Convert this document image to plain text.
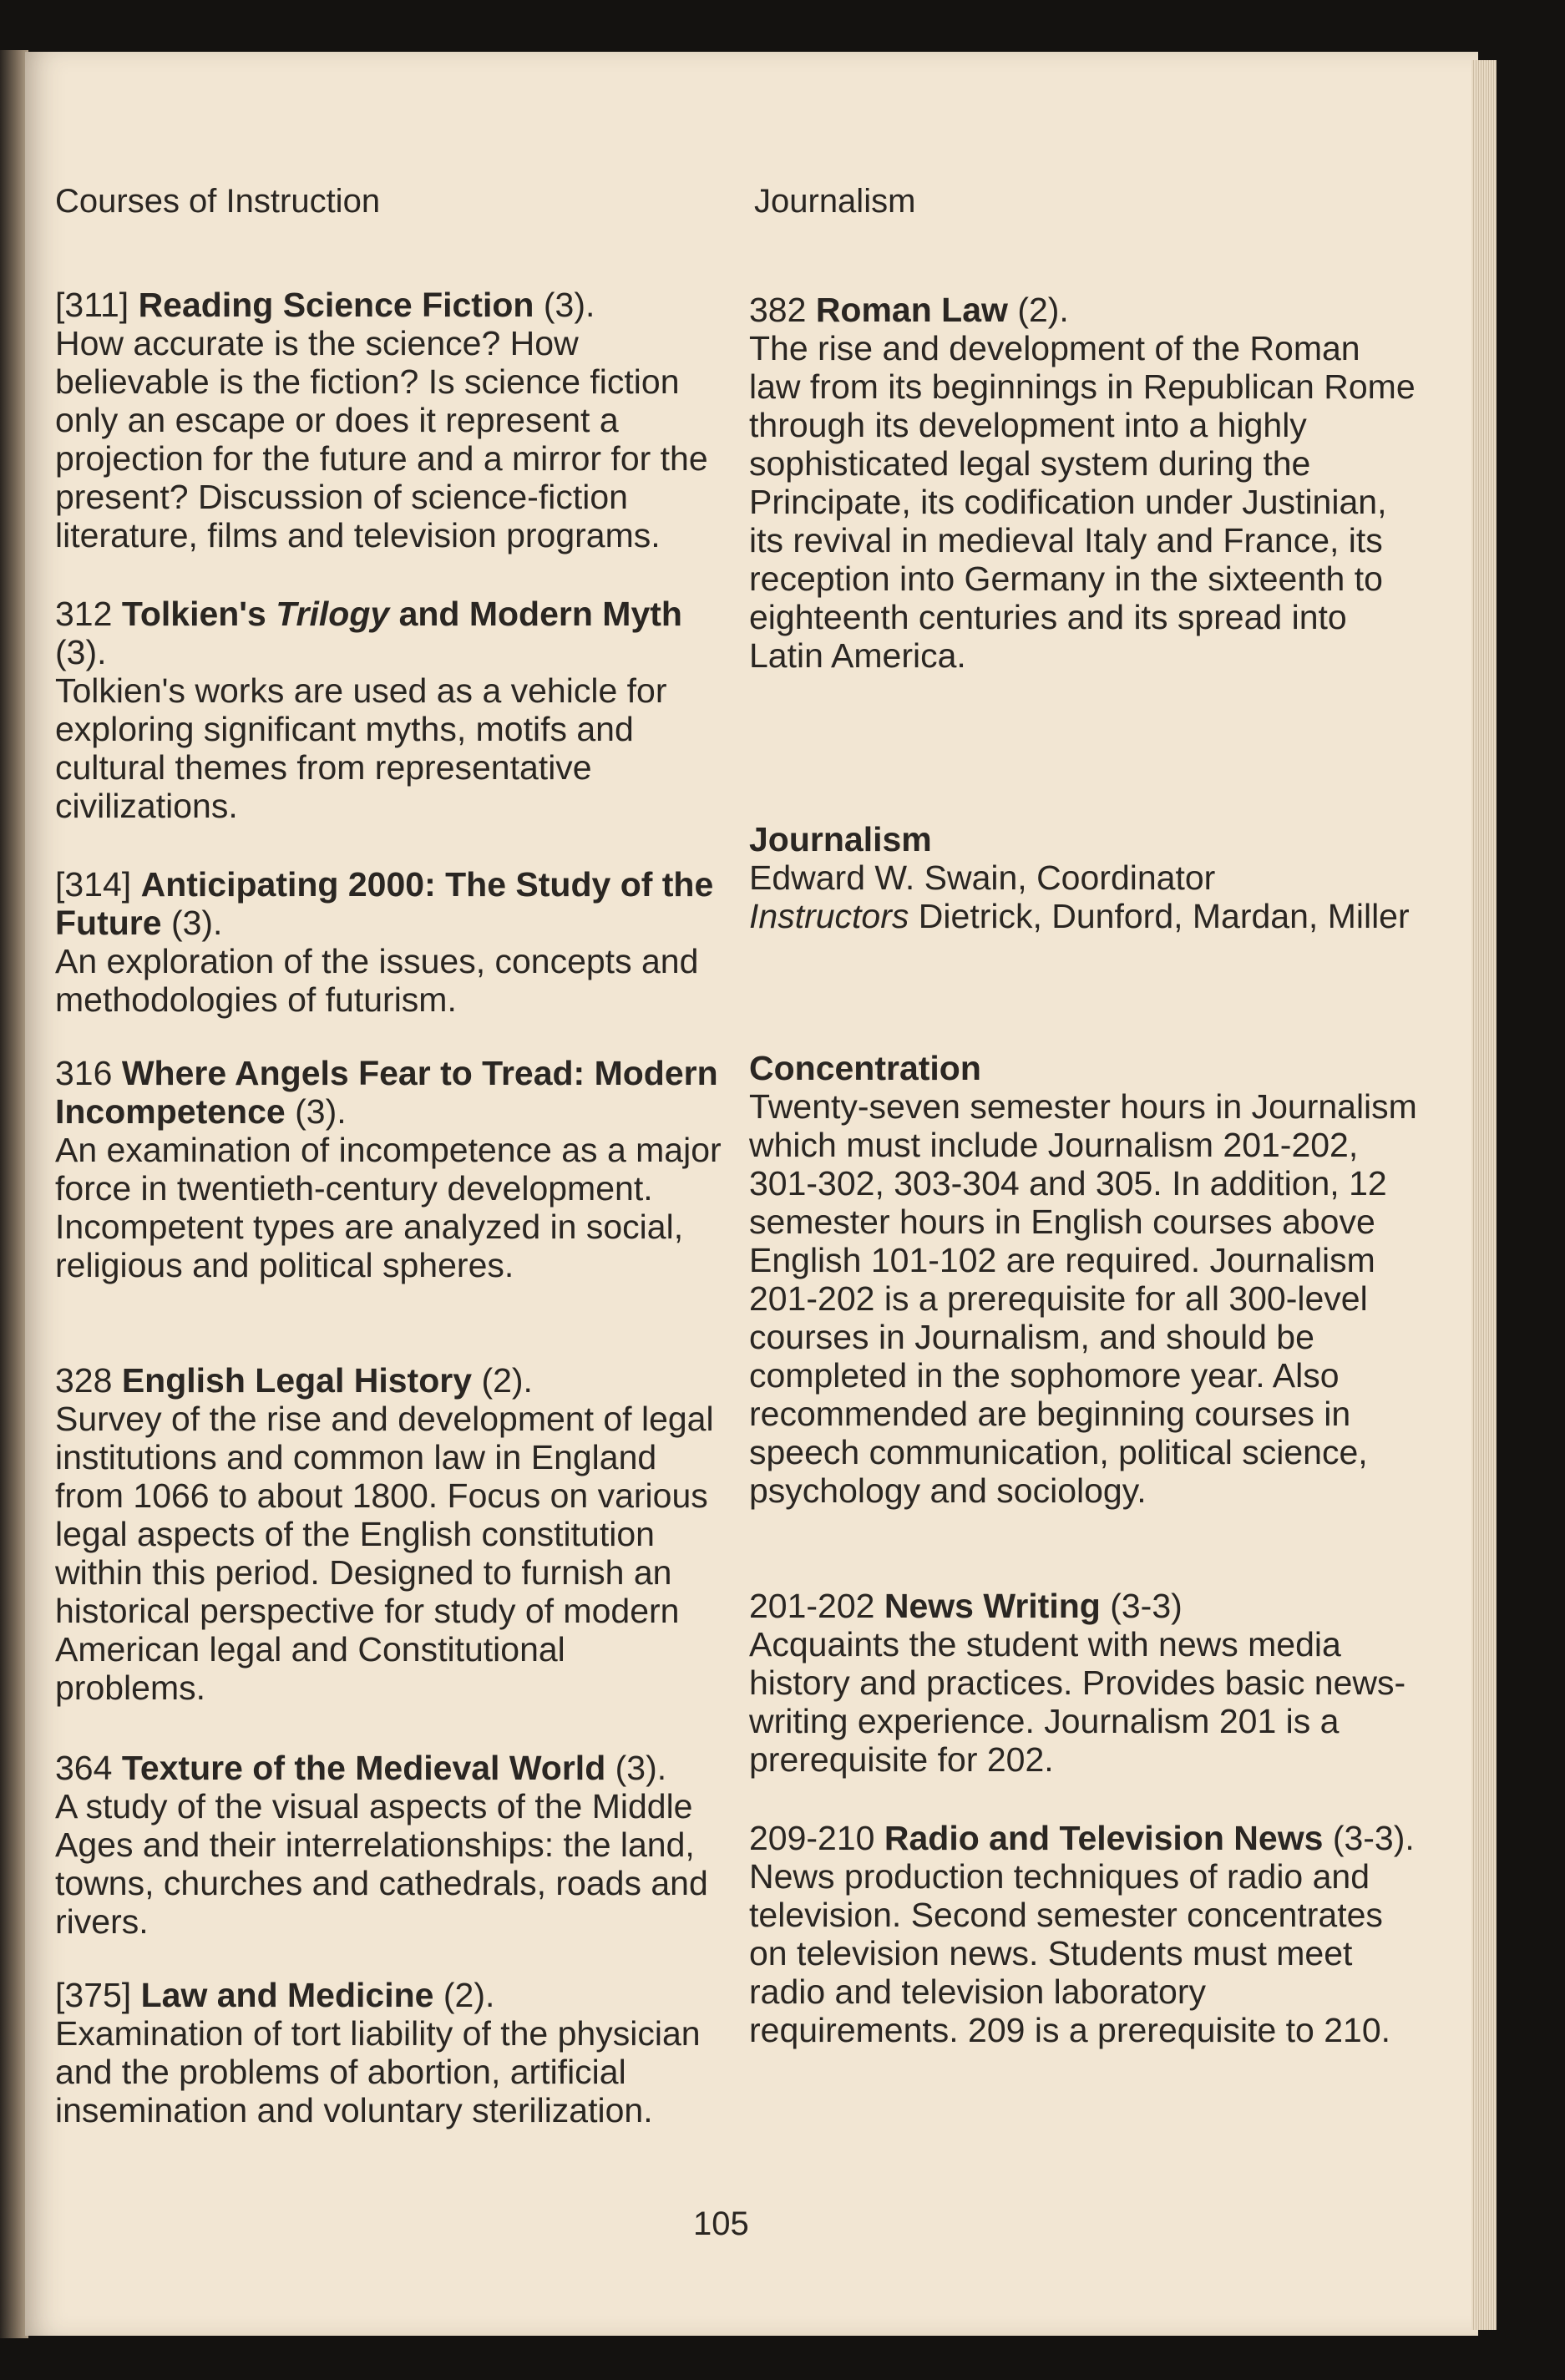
Courses of Instruction
[311] Reading Science Fiction (3).
How accurate is the science? How believable is the fiction? Is science fiction only an escape or does it represent a projection for the future and a mirror for the present? Discussion of science-fiction literature, films and television programs.
312 Tolkien's Trilogy and Modern Myth (3).
Tolkien's works are used as a vehicle for exploring significant myths, motifs and cultural themes from representative civilizations.
[314] Anticipating 2000: The Study of the Future (3).
An exploration of the issues, concepts and methodologies of futurism.
316 Where Angels Fear to Tread: Modern Incompetence (3).
An examination of incompetence as a major force in twentieth-century development. Incompetent types are analyzed in social, religious and political spheres.
328 English Legal History (2).
Survey of the rise and development of legal institutions and common law in England from 1066 to about 1800. Focus on various legal aspects of the English constitution within this period. Designed to furnish an historical perspective for study of modern American legal and Constitutional problems.
364 Texture of the Medieval World (3).
A study of the visual aspects of the Middle Ages and their interrelationships: the land, towns, churches and cathedrals, roads and rivers.
[375] Law and Medicine (2).
Examination of tort liability of the physician and the problems of abortion, artificial insemination and voluntary sterilization.
Journalism
382 Roman Law (2).
The rise and development of the Roman law from its beginnings in Republican Rome through its development into a highly sophisticated legal system during the Principate, its codification under Justinian, its revival in medieval Italy and France, its reception into Germany in the sixteenth to eighteenth centuries and its spread into Latin America.
Journalism
Edward W. Swain, Coordinator
Instructors Dietrick, Dunford, Mardan, Miller
Concentration
Twenty-seven semester hours in Journalism which must include Journalism 201-202, 301-302, 303-304 and 305. In addition, 12 semester hours in English courses above English 101-102 are required. Journalism 201-202 is a prerequisite for all 300-level courses in Journalism, and should be completed in the sophomore year. Also recommended are beginning courses in speech communication, political science, psychology and sociology.
201-202 News Writing (3-3)
Acquaints the student with news media history and practices. Provides basic news-writing experience. Journalism 201 is a prerequisite for 202.
209-210 Radio and Television News (3-3).
News production techniques of radio and television. Second semester concentrates on television news. Students must meet radio and television laboratory requirements. 209 is a prerequisite to 210.
105
